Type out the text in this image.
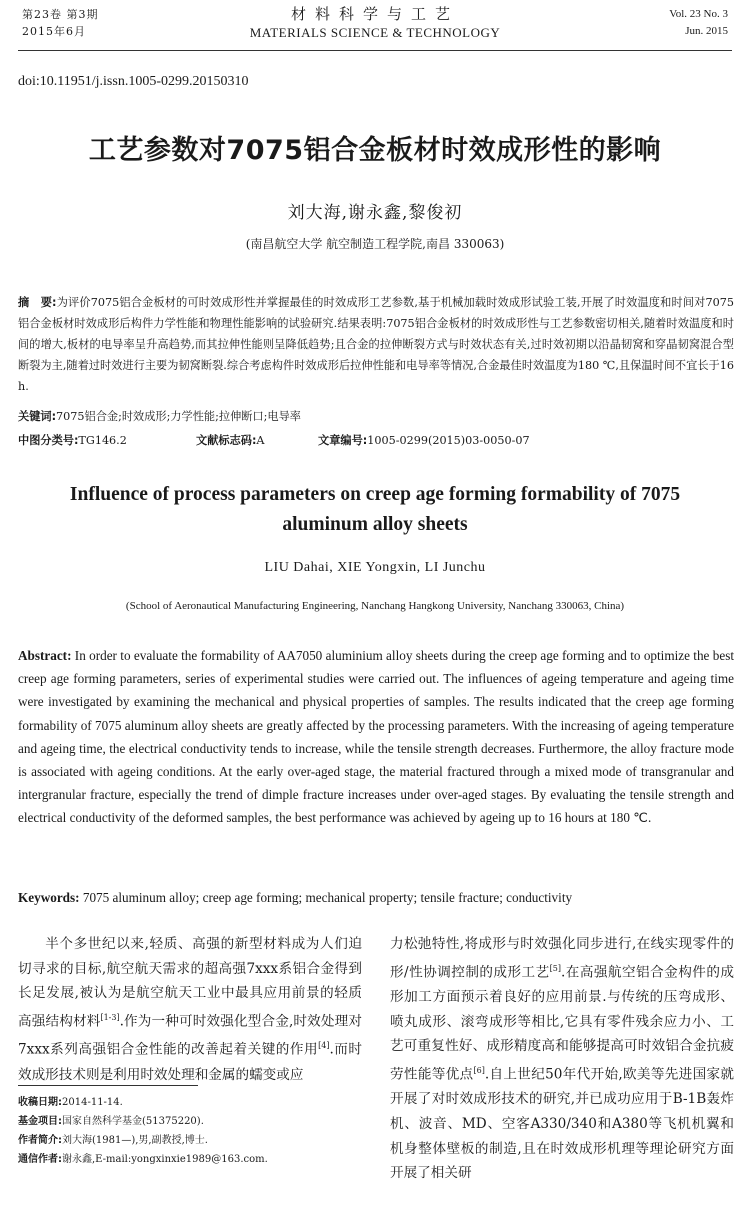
第23卷 第3期
2015年6月
材料科学与工艺
MATERIALS SCIENCE & TECHNOLOGY
Vol. 23 No. 3
Jun. 2015
doi:10.11951/j.issn.1005-0299.20150310
工艺参数对7075铝合金板材时效成形性的影响
刘大海,谢永鑫,黎俊初
(南昌航空大学 航空制造工程学院,南昌 330063)

摘　要:为评价7075铝合金板材的可时效成形性并掌握最佳的时效成形工艺参数,基于机械加载时效成形试验工装,开展了时效温度和时间对7075铝合金板材时效成形后构件力学性能和物理性能影响的试验研究.结果表明:7075铝合金板材的时效成形性与工艺参数密切相关,随着时效温度和时间的增大,板材的电导率呈升高趋势,而其拉伸性能则呈降低趋势;且合金的拉伸断裂方式与时效状态有关,过时效初期以沿晶韧窝和穿晶韧窝混合型断裂为主,随着过时效进行主要为韧窝断裂.综合考虑构件时效成形后拉伸性能和电导率等情况,合金最佳时效温度为180 ℃,且保温时间不宜长于16 h.

关键词:7075铝合金;时效成形;力学性能;拉伸断口;电导率
中图分类号:TG146.2	文献标志码:A	文章编号:1005-0299(2015)03-0050-07
Influence of process parameters on creep age forming formability of 7075 aluminum alloy sheets
LIU Dahai, XIE Yongxin, LI Junchu
(School of Aeronautical Manufacturing Engineering, Nanchang Hangkong University, Nanchang 330063, China)

Abstract: In order to evaluate the formability of AA7050 aluminium alloy sheets during the creep age forming and to optimize the best creep age forming parameters, series of experimental studies were carried out. The influences of ageing temperature and ageing time were investigated by examining the mechanical and physical properties of samples. The results indicated that the creep age forming formability of 7075 aluminum alloy sheets are greatly affected by the processing parameters. With the increasing of ageing temperature and ageing time, the electrical conductivity tends to increase, while the tensile strength decreases. Furthermore, the alloy fracture mode is associated with ageing conditions. At the early over-aged stage, the material fractured through a mixed mode of transgranular and intergranular fracture, especially the trend of dimple fracture increases under over-aged stages. By evaluating the tensile strength and electrical conductivity of the deformed samples, the best performance was achieved by ageing up to 16 hours at 180 ℃.

Keywords: 7075 aluminum alloy; creep age forming; mechanical property; tensile fracture; conductivity

半个多世纪以来,轻质、高强的新型材料成为人们迫切寻求的目标,航空航天需求的超高强7xxx系铝合金得到长足发展,被认为是航空航天工业中最具应用前景的轻质高强结构材料[1-3].作为一种可时效强化型合金,时效处理对7xxx系列高强铝合金性能的改善起着关键的作用[4].而时效成形技术则是利用时效处理和金属的蠕变或应

力松弛特性,将成形与时效强化同步进行,在线实现零件的形/性协调控制的成形工艺[5].在高强航空铝合金构件的成形加工方面预示着良好的应用前景.与传统的压弯成形、喷丸成形、滚弯成形等相比,它具有零件残余应力小、工艺可重复性好、成形精度高和能够提高可时效铝合金抗疲劳性能等优点[6].自上世纪50年代开始,欧美等先进国家就开展了对时效成形技术的研究,并已成功应用于B-1B轰炸机、波音、MD、空客A330/340和A380等飞机机翼和机身整体壁板的制造,且在时效成形机理等理论研究方面开展了相关研

收稿日期:2014-11-14.
基金项目:国家自然科学基金(51375220).
作者简介:刘大海(1981—),男,副教授,博士.
通信作者:谢永鑫,E-mail:yongxinxie1989@163.com.
